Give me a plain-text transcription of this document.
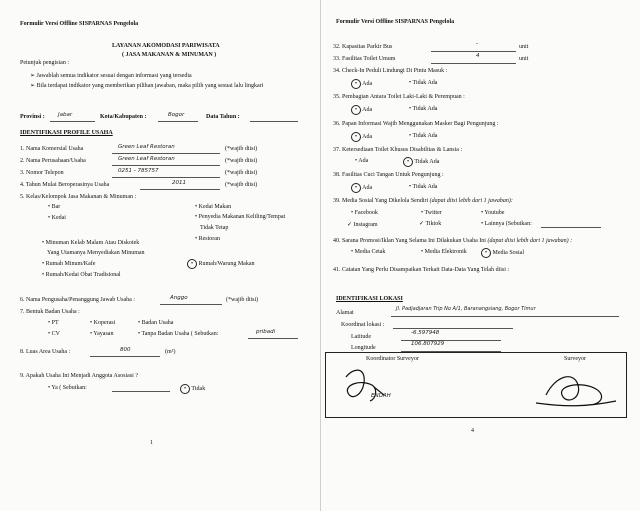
Formulir Versi Offline SISPARNAS Pengelola
LAYANAN AKOMODASI PARIWISATA
( JASA MAKANAN & MINUMAN )
Petunjuk pengisian :
➢ Jawablah semua indikator sesuai dengan informasi yang tersedia
➢ Bila terdapat indikator yang memberikan pilihan jawaban, maka pilih yang sesuai lalu lingkari
Provinsi : Jabar	Kota/Kabupaten :	Bogor	Data Tahun :
IDENTIFIKASI PROFILE USAHA
1. Nama Komersial Usaha	Green Leaf Restoran	(*wajib diisi)
2. Nama Perusahaan/Usaha	Green Leaf Restoran	(*wajib diisi)
3. Nomor Telepon	0251 - 785757	(*wajib diisi)
4. Tahun Mulai Beroperasinya Usaha	2011	(*wajib diisi)
5. Kelas/Kelompok Jasa Makanan & Minuman :
• Bar
• Kedai
• Kedai Makan
• Penyedia Makanan Keliling/Tempat
Tidak Tetap
• Restoran
• Minuman Kelab Malam Atau Diskotek
Yang Utamanya Menyediakan Minuman
• Rumah Minum/Kafe
• Rumah/Kedai Obat Tradisional
• Rumah/Warung Makan
6. Nama Pengusaha/Penanggung Jawab Usaha :	Anggo	(*wajib diisi)
7. Bentuk Badan Usaha :
• PT	• Koperasi	• Badan Usaha
• CV	• Yayasan	• Tanpa Badan Usaha ( Sebutkan:	pribadi
8. Luas Area Usaha :	800	(m²)
9. Apakah Usaha Ini Menjadi Anggota Asosiasi ?
• Ya ( Sebutkan:	• Tidak
1
Formulir Versi Offline SISPARNAS Pengelola
32. Kapasitas Parkir Bus	-	unit
33. Fasilitas Toilet Umum	4	unit
34. Check-In Peduli Lindungi Di Pintu Masuk :
• Ada	• Tidak Ada
35. Pembagian Antara Toilet Laki-Laki & Perempuan :
• Ada	• Tidak Ada
36. Papan Informasi Wajib Menggunakan Masker Bagi Pengunjung :
• Ada	• Tidak Ada
37. Ketersediaan Toilet Khusus Disabilitas & Lansia :
• Ada	• Tidak Ada
38. Fasilitas Cuci Tangan Untuk Pengunjung :
• Ada	• Tidak Ada
39. Media Sosial Yang Dikelola Sendiri (dapat diisi lebih dari 1 jawaban):
• Facebook	• Twitter	• Youtube
✓ Instagram	✓ Tiktok	• Lainnya (Sebutkan:
40. Sarana Promosi/Iklan Yang Selama Ini Dilakukan Usaha Ini (dapat diisi lebih dari 1 jawaban) :
• Media Cetak	• Media Elektronik	• Media Sosial
41. Catatan Yang Perlu Disampaikan Terkait Data-Data Yang Telah diisi :
IDENTIFIKASI LOKASI
Alamat
Jl. Padjadjaran Trip No A/1, Baranangsiang, Bogor Timur
Koordinat lokasi :
Latitude
-6.597948
Longitude
106.807929
4
Koordinator Surveyor	Surveyor
ENDAH
